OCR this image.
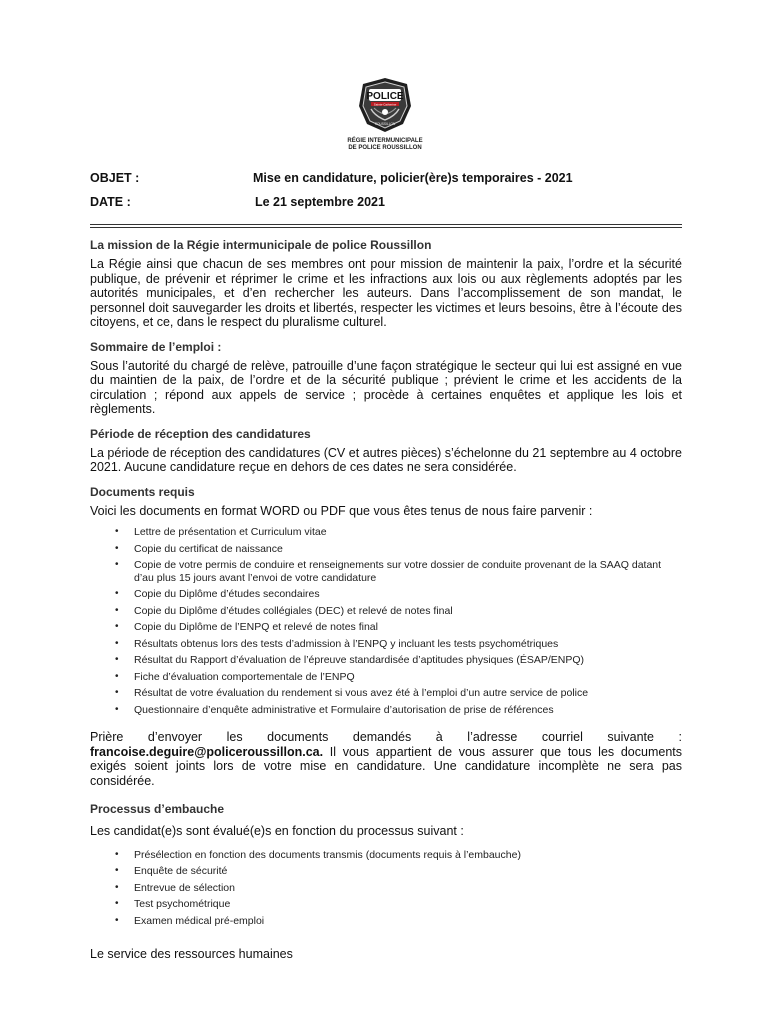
POLICE
Sainte-Catherine
ROUSSILLON
RÉGIE INTERMUNICIPALE
DE POLICE ROUSSILLON
OBJET :	Mise en candidature, policier(ère)s temporaires - 2021
DATE :	Le 21 septembre 2021
La mission de la Régie intermunicipale de police Roussillon

La Régie ainsi que chacun de ses membres ont pour mission de maintenir la paix, l’ordre et la sécurité publique, de prévenir et réprimer le crime et les infractions aux lois ou aux règlements adoptés par les autorités municipales, et d’en rechercher les auteurs. Dans l’accomplissement de son mandat, le personnel doit sauvegarder les droits et libertés, respecter les victimes et leurs besoins, être à l’écoute des citoyens, et ce, dans le respect du pluralisme culturel.

Sommaire de l’emploi :

Sous l’autorité du chargé de relève, patrouille d’une façon stratégique le secteur qui lui est assigné en vue du maintien de la paix, de l’ordre et de la sécurité publique ; prévient le crime et les accidents de la circulation ; répond aux appels de service ; procède à certaines enquêtes et applique les lois et règlements.

Période de réception des candidatures

La période de réception des candidatures (CV et autres pièces) s’échelonne du 21 septembre au 4 octobre 2021. Aucune candidature reçue en dehors de ces dates ne sera considérée.

Documents requis

Voici les documents en format WORD ou PDF que vous êtes tenus de nous faire parvenir :

• Lettre de présentation et Curriculum vitae
• Copie du certificat de naissance
• Copie de votre permis de conduire et renseignements sur votre dossier de conduite provenant de la SAAQ datant d’au plus 15 jours avant l’envoi de votre candidature
• Copie du Diplôme d’études secondaires
• Copie du Diplôme d’études collégiales (DEC) et relevé de notes final
• Copie du Diplôme de l’ENPQ et relevé de notes final
• Résultats obtenus lors des tests d’admission à l’ENPQ y incluant les tests psychométriques
• Résultat du Rapport d’évaluation de l’épreuve standardisée d’aptitudes physiques (ÉSAP/ENPQ)
• Fiche d’évaluation comportementale de l’ENPQ
• Résultat de votre évaluation du rendement si vous avez été à l’emploi d’un autre service de police
• Questionnaire d’enquête administrative et Formulaire d’autorisation de prise de références

Prière d’envoyer les documents demandés à l’adresse courriel suivante : francoise.deguire@policeroussillon.ca. Il vous appartient de vous assurer que tous les documents exigés soient joints lors de votre mise en candidature. Une candidature incomplète ne sera pas considérée.

Processus d’embauche

Les candidat(e)s sont évalué(e)s en fonction du processus suivant :

• Présélection en fonction des documents transmis (documents requis à l’embauche)
• Enquête de sécurité
• Entrevue de sélection
• Test psychométrique
• Examen médical pré-emploi
Le service des ressources humaines
